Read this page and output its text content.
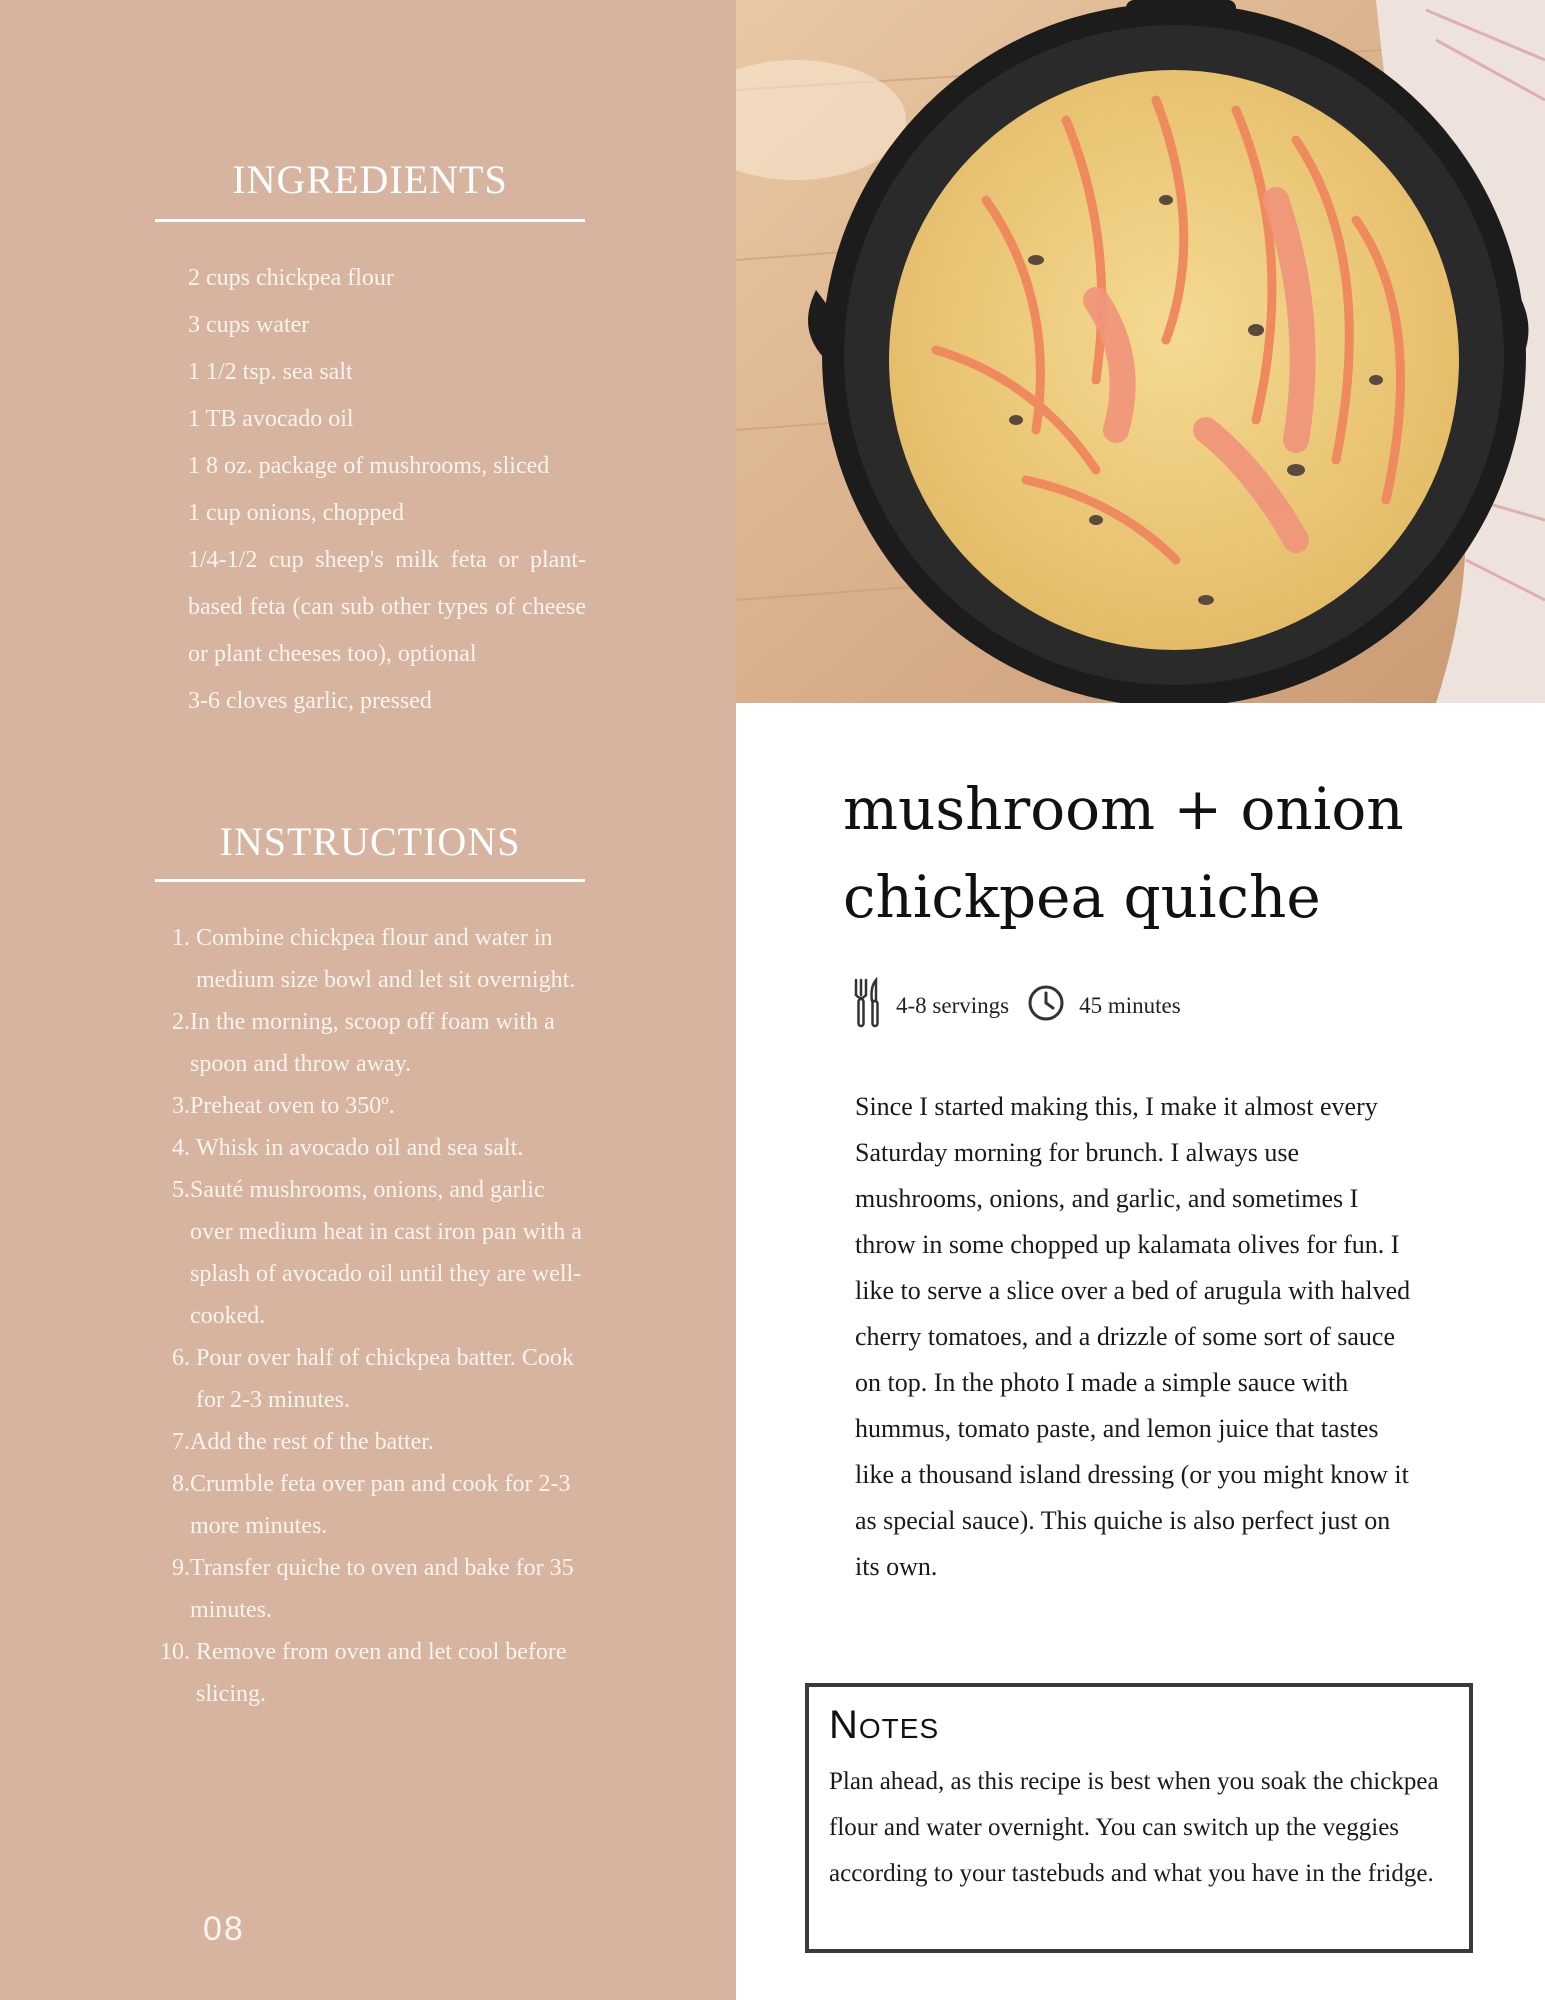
INGREDIENTS
2 cups chickpea flour
3 cups water
1 1/2 tsp. sea salt
1 TB avocado oil
1 8 oz. package of mushrooms, sliced
1 cup onions, chopped
1/4-1/2 cup sheep's milk feta or plant-based feta (can sub other types of cheese or plant cheeses too), optional
3-6 cloves garlic, pressed
INSTRUCTIONS
1. Combine chickpea flour and water in medium size bowl and let sit overnight.
2. In the morning, scoop off foam with a spoon and throw away.
3. Preheat oven to 350º.
4. Whisk in avocado oil and sea salt.
5. Sauté mushrooms, onions, and garlic over medium heat in cast iron pan with a splash of avocado oil until they are well-cooked.
6. Pour over half of chickpea batter. Cook for 2-3 minutes.
7. Add the rest of the batter.
8. Crumble feta over pan and cook for 2-3 more minutes.
9. Transfer quiche to oven and bake for 35 minutes.
10. Remove from oven and let cool before slicing.
08
mushroom + onion
chickpea quiche
4-8 servings	45 minutes

Since I started making this, I make it almost every Saturday morning for brunch. I always use mushrooms, onions, and garlic, and sometimes I throw in some chopped up kalamata olives for fun. I like to serve a slice over a bed of arugula with halved cherry tomatoes, and a drizzle of some sort of sauce on top. In the photo I made a simple sauce with hummus, tomato paste, and lemon juice that tastes like a thousand island dressing (or you might know it as special sauce). This quiche is also perfect just on its own.

Notes

Plan ahead, as this recipe is best when you soak the chickpea flour and water overnight. You can switch up the veggies according to your tastebuds and what you have in the fridge.
